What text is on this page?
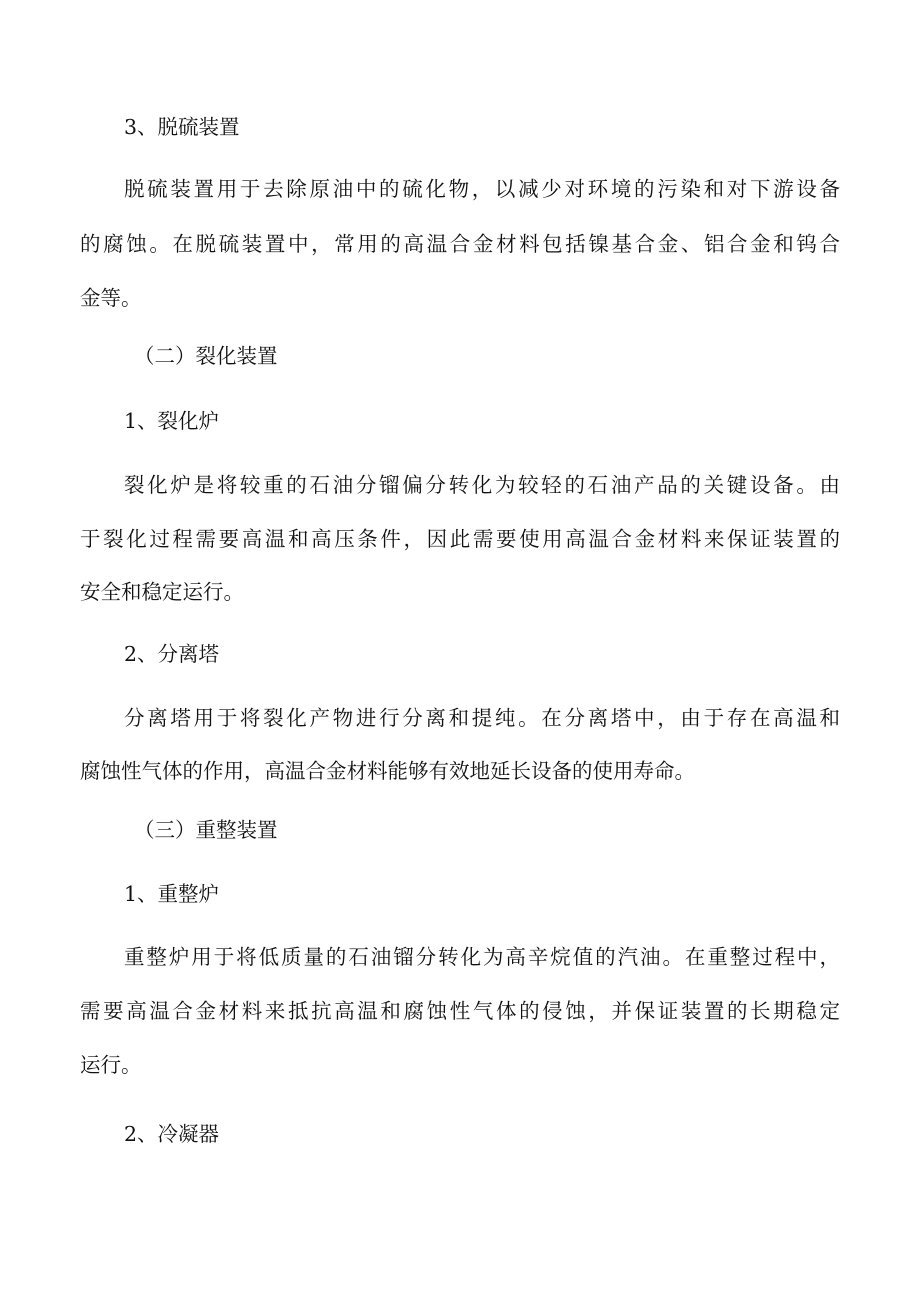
3、脱硫装置
脱硫装置用于去除原油中的硫化物，以减少对环境的污染和对下游设备
的腐蚀。在脱硫装置中，常用的高温合金材料包括镍基合金、铝合金和钨合
金等。
（二）裂化装置
1、裂化炉
裂化炉是将较重的石油分镏偏分转化为较轻的石油产品的关键设备。由
于裂化过程需要高温和高压条件，因此需要使用高温合金材料来保证装置的
安全和稳定运行。
2、分离塔
分离塔用于将裂化产物进行分离和提纯。在分离塔中，由于存在高温和
腐蚀性气体的作用，高温合金材料能够有效地延长设备的使用寿命。
（三）重整装置
1、重整炉
重整炉用于将低质量的石油镏分转化为高辛烷值的汽油。在重整过程中，
需要高温合金材料来抵抗高温和腐蚀性气体的侵蚀，并保证装置的长期稳定
运行。
2、冷凝器
